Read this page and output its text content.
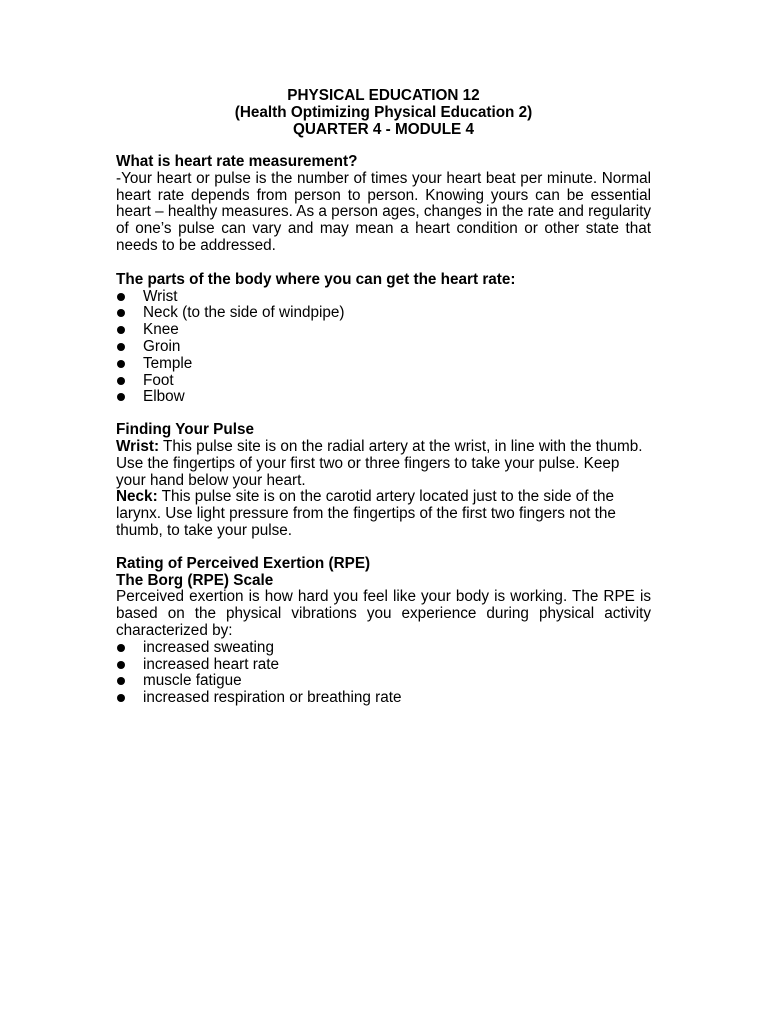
PHYSICAL EDUCATION 12
(Health Optimizing Physical Education 2)
QUARTER 4 - MODULE 4

What is heart rate measurement?

-Your heart or pulse is the number of times your heart beat per minute. Normal heart rate depends from person to person. Knowing yours can be essential heart – healthy measures. As a person ages, changes in the rate and regularity of one’s pulse can vary and may mean a heart condition or other state that needs to be addressed.

The parts of the body where you can get the heart rate:

Wrist
Neck (to the side of windpipe)
Knee
Groin
Temple
Foot
Elbow

Finding Your Pulse

Wrist: This pulse site is on the radial artery at the wrist, in line with the thumb. Use the fingertips of your first two or three fingers to take your pulse. Keep your hand below your heart.

Neck: This pulse site is on the carotid artery located just to the side of the larynx. Use light pressure from the fingertips of the first two fingers not the thumb, to take your pulse.

Rating of Perceived Exertion (RPE)

The Borg (RPE) Scale

Perceived exertion is how hard you feel like your body is working. The RPE is based on the physical vibrations you experience during physical activity characterized by:

increased sweating
increased heart rate
muscle fatigue
increased respiration or breathing rate
